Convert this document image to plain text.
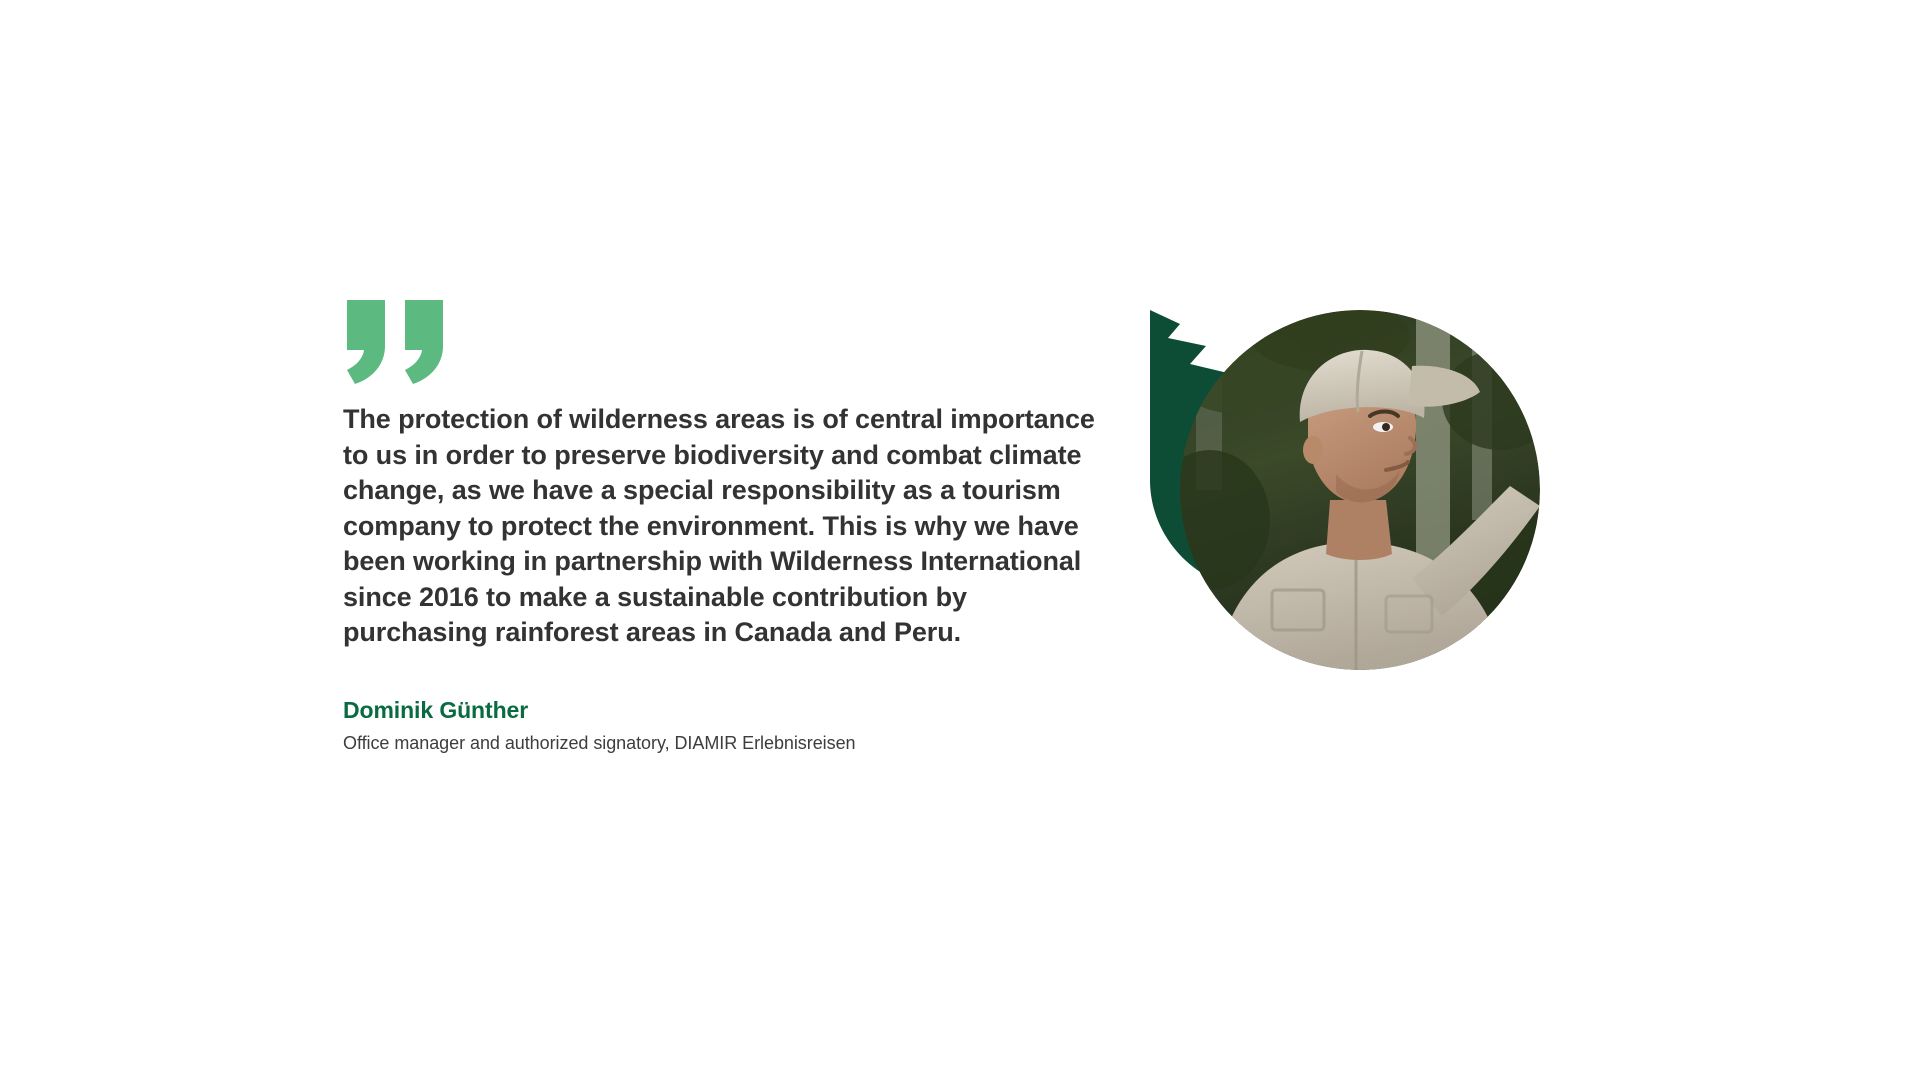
The protection of wilderness areas is of central importance to us in order to preserve biodiversity and combat climate change, as we have a special responsibility as a tourism company to protect the environment. This is why we have been working in partnership with Wilderness International since 2016 to make a sustainable contribution by purchasing rainforest areas in Canada and Peru.

Dominik Günther
Office manager and authorized signatory, DIAMIR Erlebnisreisen
